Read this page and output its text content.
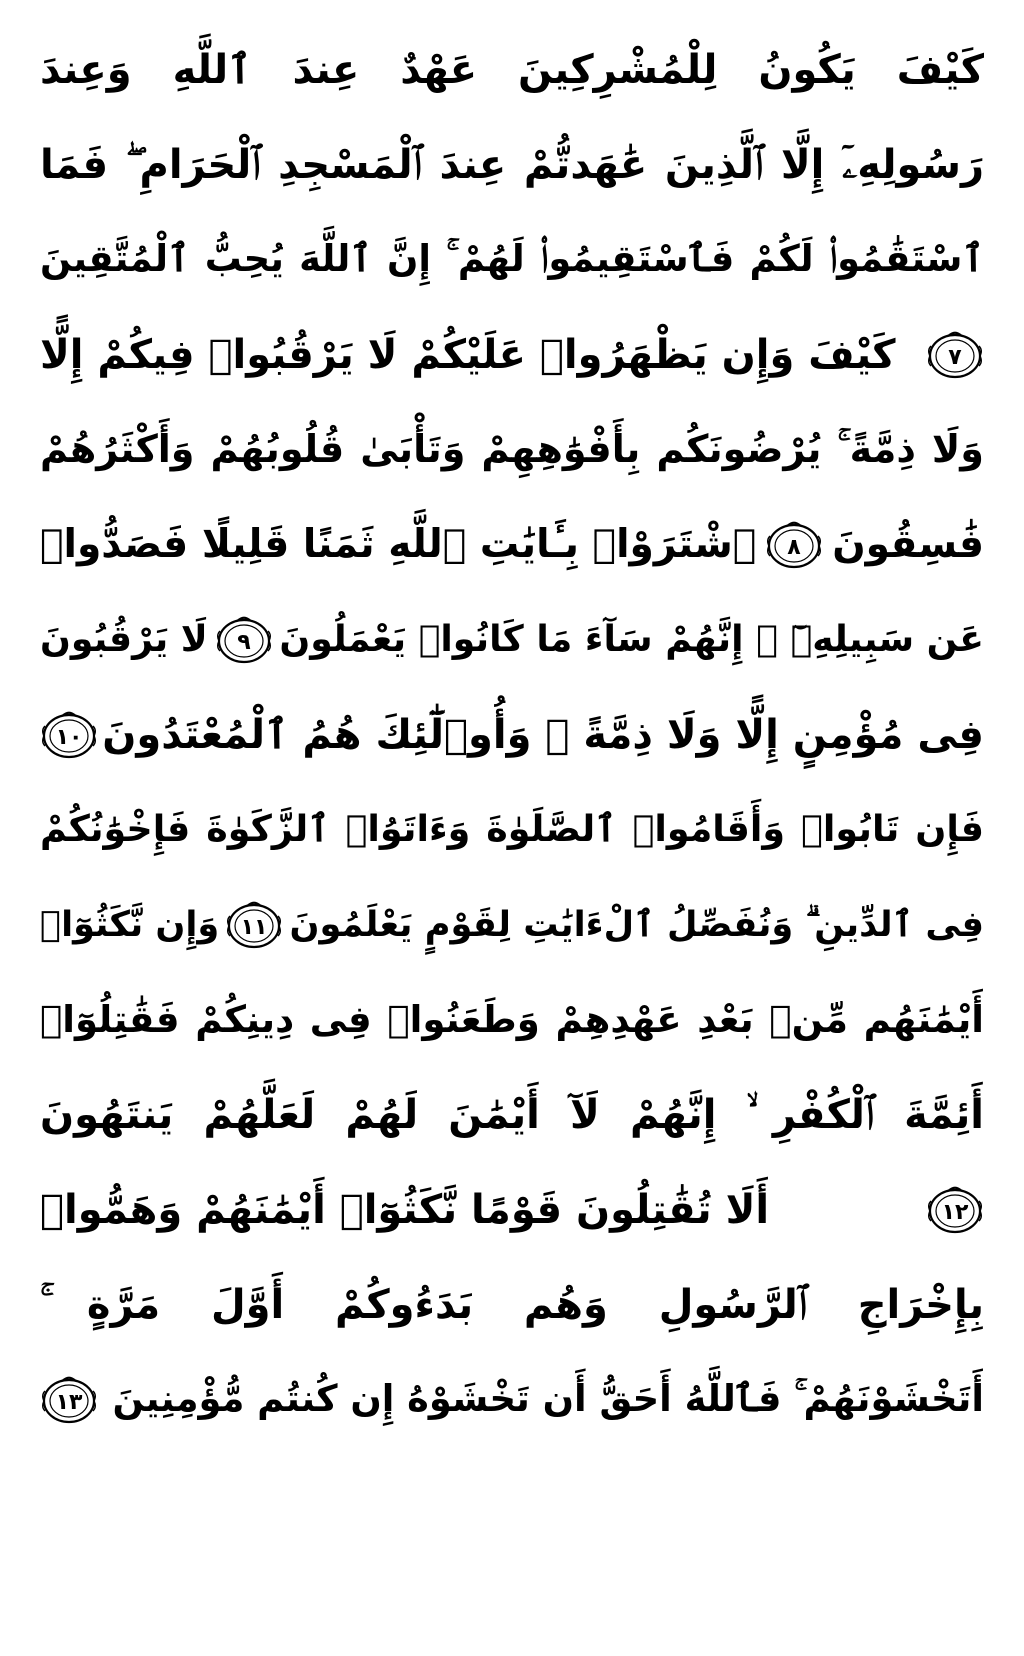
كَيْفَ يَكُونُ لِلْمُشْرِكِينَ عَهْدٌ عِندَ ٱللَّهِ وَعِندَ
رَسُولِهِۦٓ إِلَّا ٱلَّذِينَ عَٰهَدتُّمْ عِندَ ٱلْمَسْجِدِ ٱلْحَرَامِ ۖ فَمَا
ٱسْتَقَٰمُوا۟ لَكُمْ فَٱسْتَقِيمُوا۟ لَهُمْ ۚ إِنَّ ٱللَّهَ يُحِبُّ ٱلْمُتَّقِينَ
٧
كَيْفَ وَإِن يَظْهَرُوا۟ عَلَيْكُمْ لَا يَرْقُبُوا۟ فِيكُمْ إِلًّا
وَلَا ذِمَّةً ۚ يُرْضُونَكُم بِأَفْوَٰهِهِمْ وَتَأْبَىٰ قُلُوبُهُمْ وَأَكْثَرُهُمْ
فَٰسِقُونَ
٨
ٱشْتَرَوْا۟ بِـَٔايَٰتِ ٱللَّهِ ثَمَنًا قَلِيلًا فَصَدُّوا۟
عَن سَبِيلِهِۦٓ ۚ إِنَّهُمْ سَآءَ مَا كَانُوا۟ يَعْمَلُونَ
٩
لَا يَرْقُبُونَ
فِى مُؤْمِنٍ إِلًّا وَلَا ذِمَّةً ۚ وَأُو۟لَٰٓئِكَ هُمُ ٱلْمُعْتَدُونَ
١٠
فَإِن تَابُوا۟ وَأَقَامُوا۟ ٱلصَّلَوٰةَ وَءَاتَوُا۟ ٱلزَّكَوٰةَ فَإِخْوَٰنُكُمْ
فِى ٱلدِّينِ ۗ وَنُفَصِّلُ ٱلْءَايَٰتِ لِقَوْمٍ يَعْلَمُونَ
١١
وَإِن نَّكَثُوٓا۟
أَيْمَٰنَهُم مِّنۢ بَعْدِ عَهْدِهِمْ وَطَعَنُوا۟ فِى دِينِكُمْ فَقَٰتِلُوٓا۟
أَئِمَّةَ ٱلْكُفْرِ ۙ إِنَّهُمْ لَآ أَيْمَٰنَ لَهُمْ لَعَلَّهُمْ يَنتَهُونَ
١٢
أَلَا تُقَٰتِلُونَ قَوْمًا نَّكَثُوٓا۟ أَيْمَٰنَهُمْ وَهَمُّوا۟
بِإِخْرَاجِ ٱلرَّسُولِ وَهُم بَدَءُوكُمْ أَوَّلَ مَرَّةٍ ۚ
أَتَخْشَوْنَهُمْ ۚ فَٱللَّهُ أَحَقُّ أَن تَخْشَوْهُ إِن كُنتُم مُّؤْمِنِينَ
١٣
